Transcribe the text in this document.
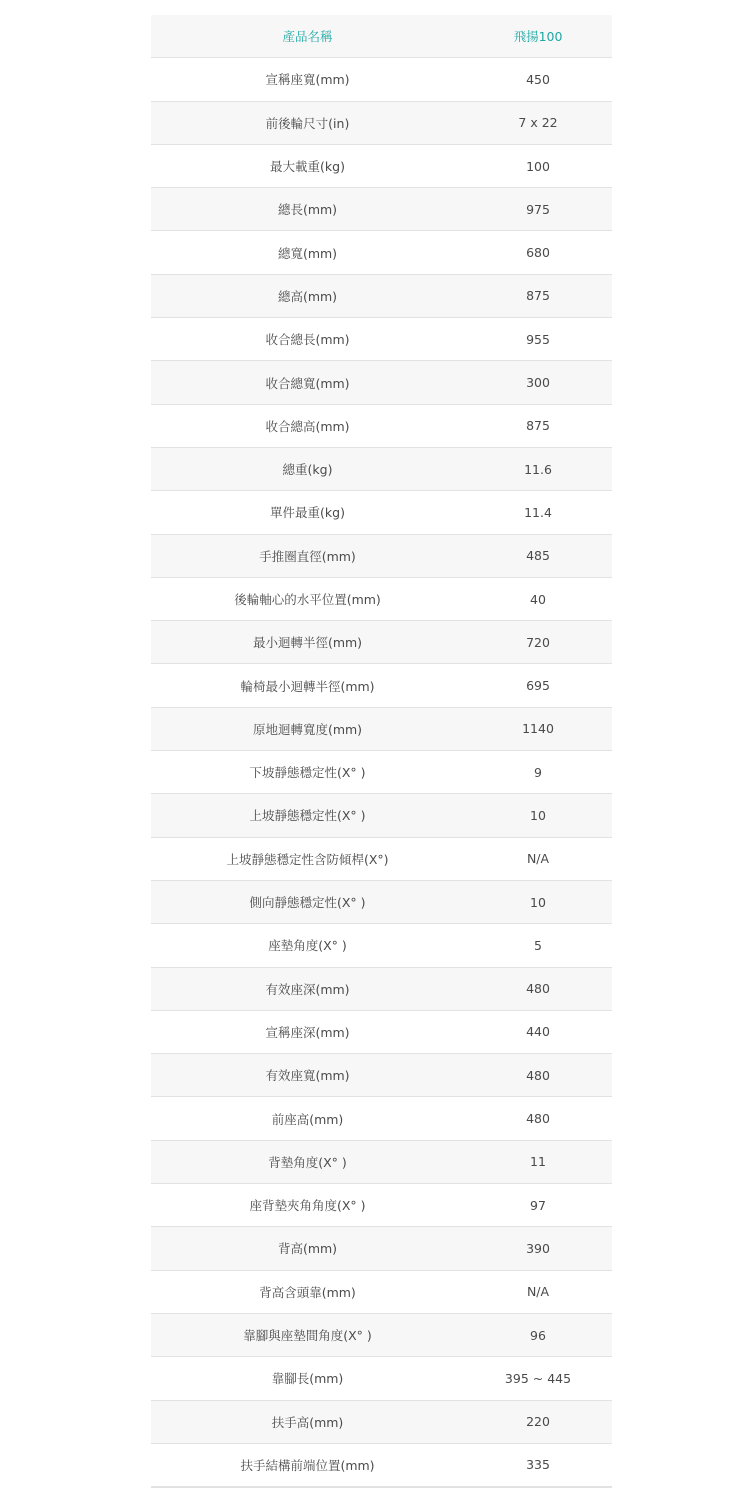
產品名稱	飛揚100
宣稱座寬(mm)	450
前後輪尺寸(in)	7 x 22
最大載重(kg)	100
總長(mm)	975
總寬(mm)	680
總高(mm)	875
收合總長(mm)	955
收合總寬(mm)	300
收合總高(mm)	875
總重(kg)	11.6
單件最重(kg)	11.4
手推圈直徑(mm)	485
後輪軸心的水平位置(mm)	40
最小迴轉半徑(mm)	720
輪椅最小迴轉半徑(mm)	695
原地迴轉寬度(mm)	1140
下坡靜態穩定性(X° )	9
上坡靜態穩定性(X° )	10
上坡靜態穩定性含防傾桿(X°)	N/A
側向靜態穩定性(X° )	10
座墊角度(X° )	5
有效座深(mm)	480
宣稱座深(mm)	440
有效座寬(mm)	480
前座高(mm)	480
背墊角度(X° )	11
座背墊夾角角度(X° )	97
背高(mm)	390
背高含頭靠(mm)	N/A
靠腳與座墊間角度(X° )	96
靠腳長(mm)	395 ~ 445
扶手高(mm)	220
扶手結構前端位置(mm)	335
